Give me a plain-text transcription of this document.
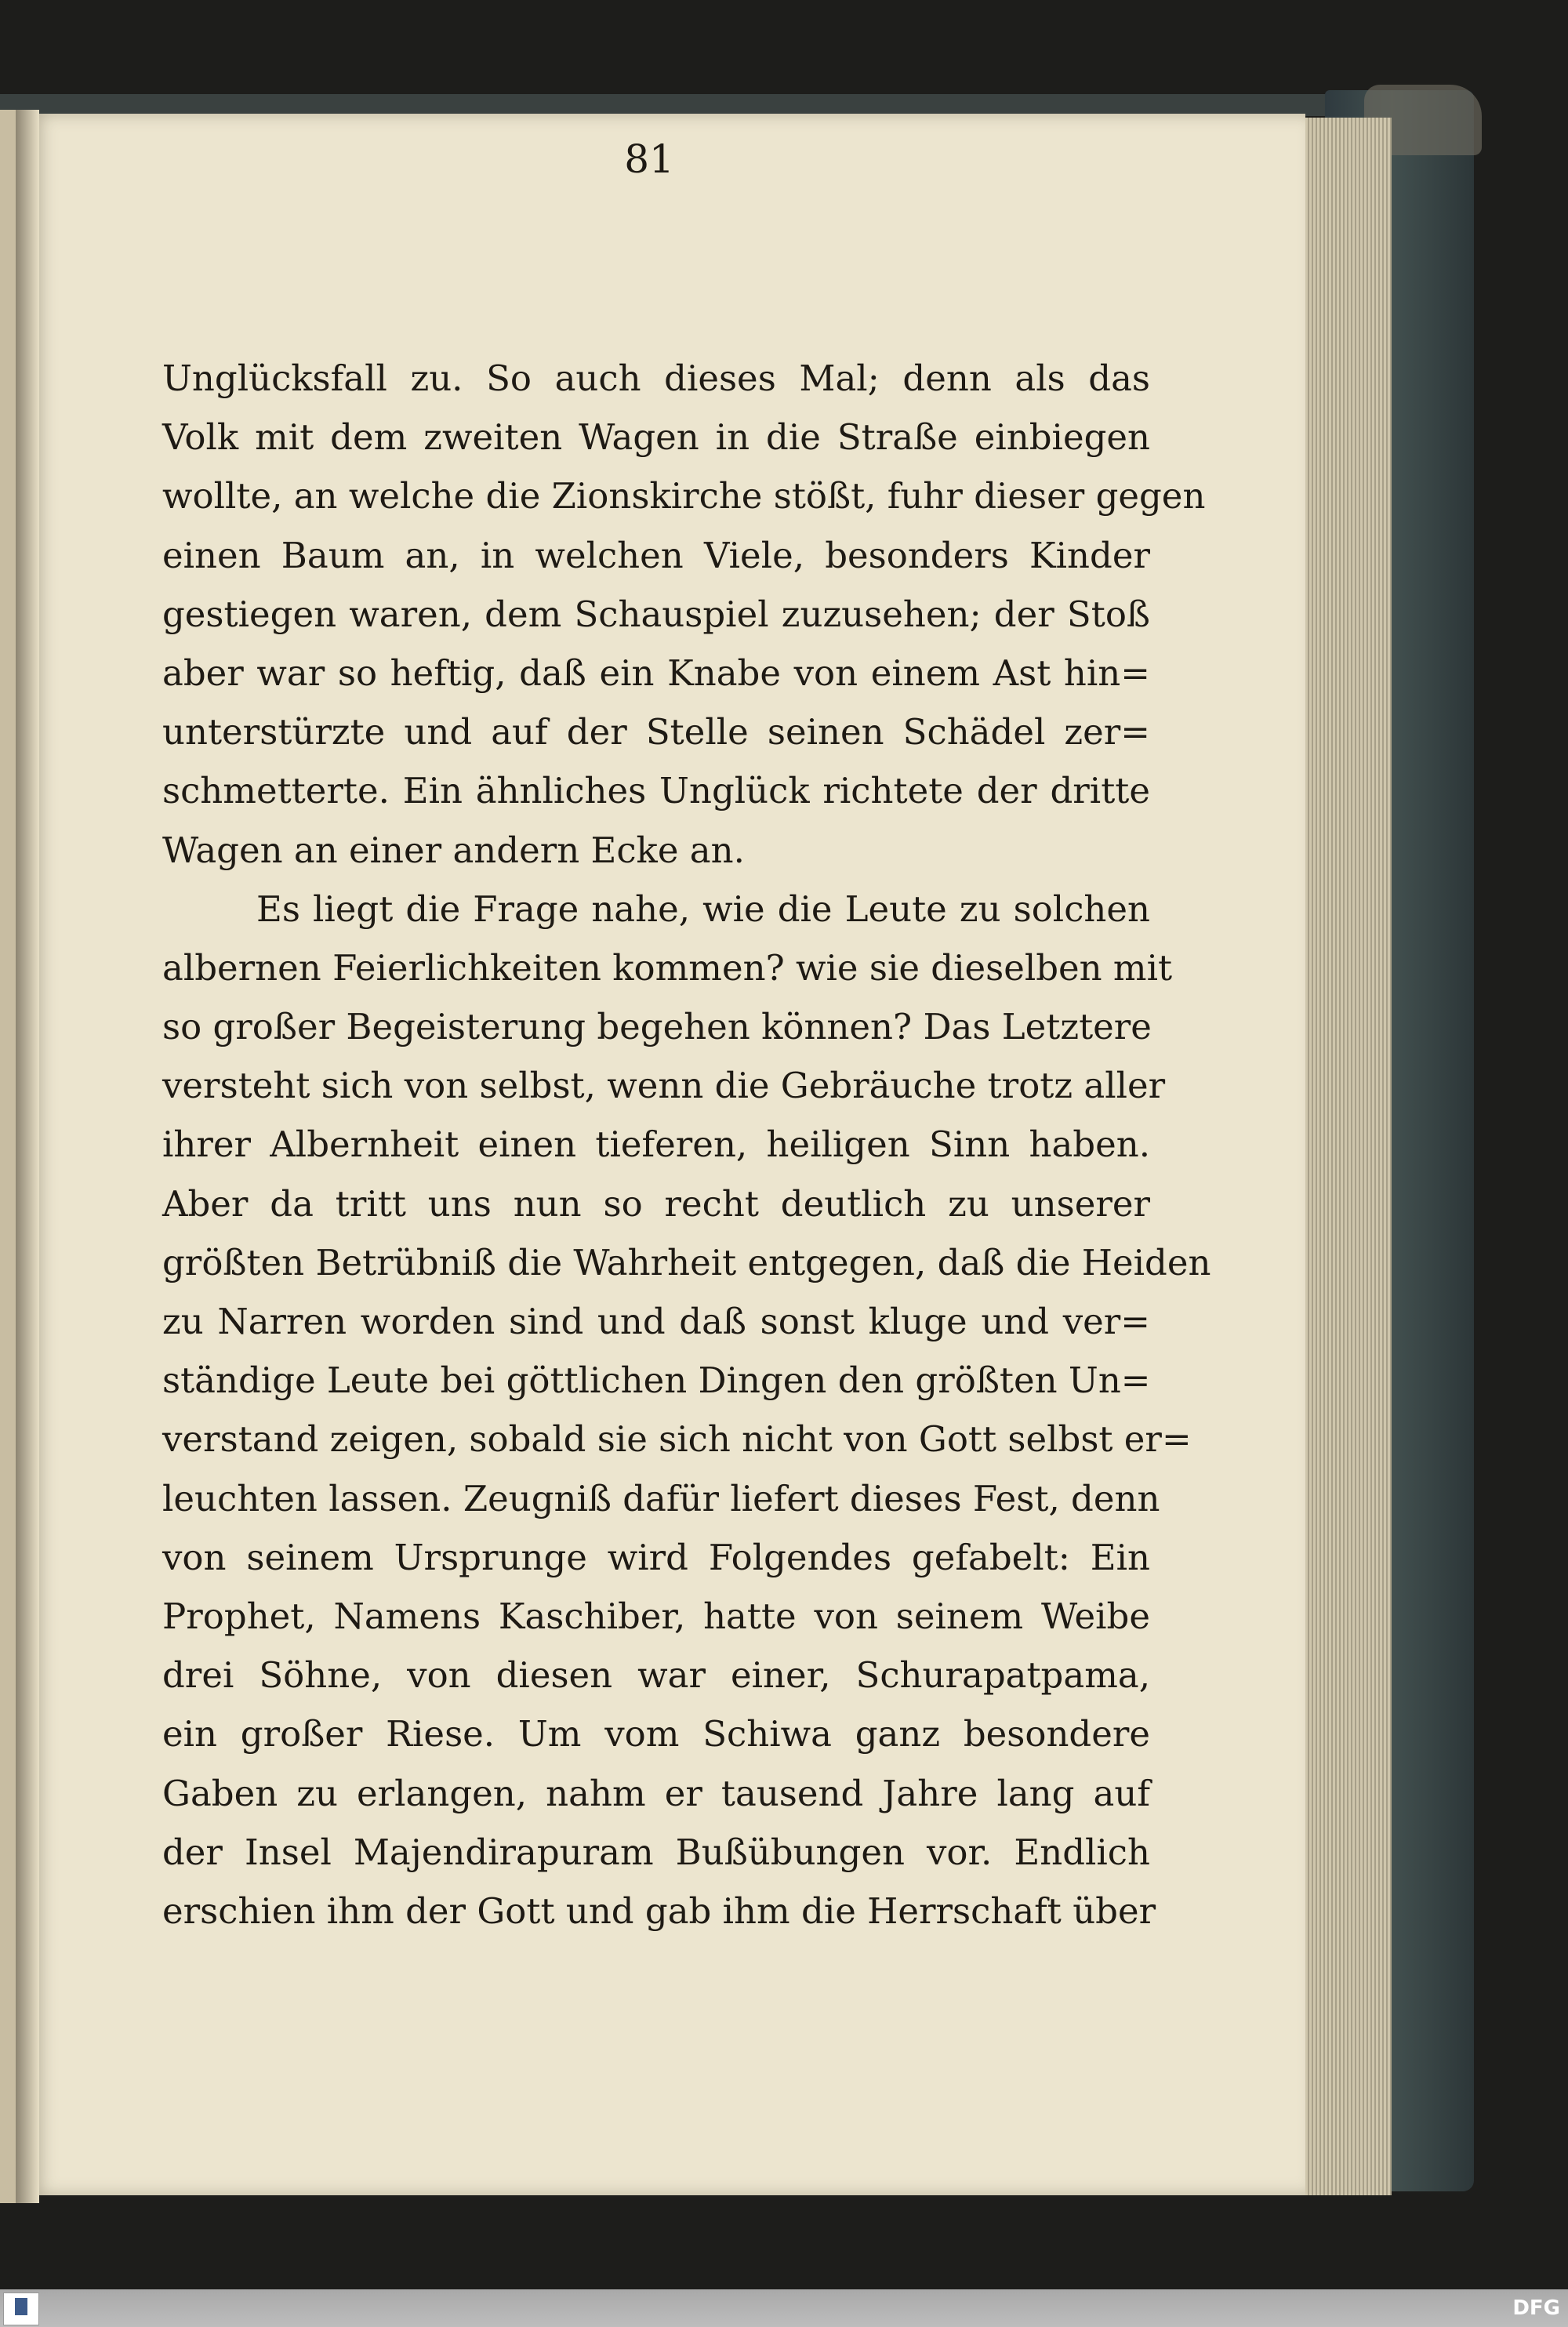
81
Unglücksfall zu. So auch dieses Mal; denn als das
Volk mit dem zweiten Wagen in die Straße einbiegen
wollte, an welche die Zionskirche stößt, fuhr dieser gegen
einen Baum an, in welchen Viele, besonders Kinder
gestiegen waren, dem Schauspiel zuzusehen; der Stoß
aber war so heftig, daß ein Knabe von einem Ast hin=
unterstürzte und auf der Stelle seinen Schädel zer=
schmetterte. Ein ähnliches Unglück richtete der dritte
Wagen an einer andern Ecke an.
Es liegt die Frage nahe, wie die Leute zu solchen
albernen Feierlichkeiten kommen? wie sie dieselben mit
so großer Begeisterung begehen können? Das Letztere
versteht sich von selbst, wenn die Gebräuche trotz aller
ihrer Albernheit einen tieferen, heiligen Sinn haben.
Aber da tritt uns nun so recht deutlich zu unserer
größten Betrübniß die Wahrheit entgegen, daß die Heiden
zu Narren worden sind und daß sonst kluge und ver=
ständige Leute bei göttlichen Dingen den größten Un=
verstand zeigen, sobald sie sich nicht von Gott selbst er=
leuchten lassen. Zeugniß dafür liefert dieses Fest, denn
von seinem Ursprunge wird Folgendes gefabelt: Ein
Prophet, Namens Kaschiber, hatte von seinem Weibe
drei Söhne, von diesen war einer, Schurapatpama,
ein großer Riese. Um vom Schiwa ganz besondere
Gaben zu erlangen, nahm er tausend Jahre lang auf
der Insel Majendirapuram Bußübungen vor. Endlich
erschien ihm der Gott und gab ihm die Herrschaft über
DFG
